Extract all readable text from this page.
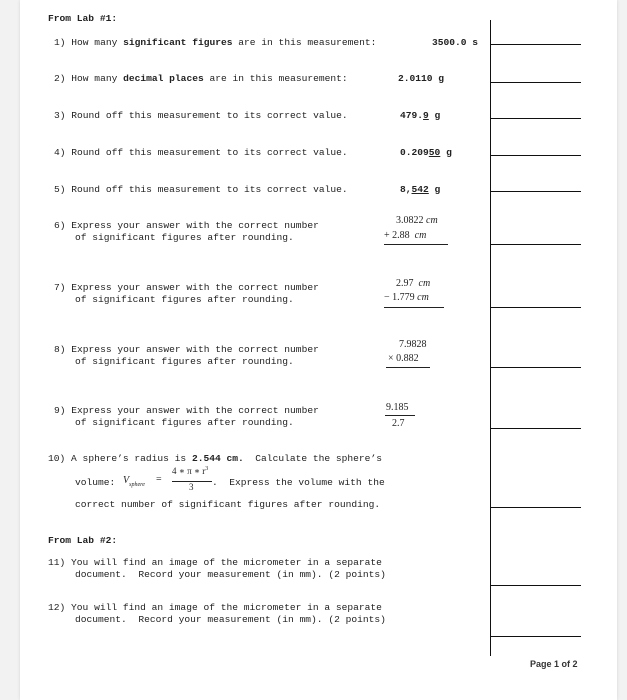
From Lab #1:
1) How many significant figures are in this measurement:	3500.0 s
2) How many decimal places are in this measurement:	2.0110 g
3) Round off this measurement to its correct value.	479.9 g
4) Round off this measurement to its correct value.	0.20950 g
5) Round off this measurement to its correct value.	8,542 g
6) Express your answer with the correct number
of significant figures after rounding.
3.0822 cm
+ 2.88 cm
7) Express your answer with the correct number
of significant figures after rounding.
2.97 cm
− 1.779 cm
8) Express your answer with the correct number
of significant figures after rounding.
7.9828
× 0.882
9) Express your answer with the correct number
of significant figures after rounding.
9.185
2.7
10) A sphere’s radius is 2.544 cm.  Calculate the sphere’s
volume: $V_{sphere}$ =
4 ∗ π ∗ $r^3$
3 .  Express the volume with the
correct number of significant figures after rounding.
From Lab #2:
11) You will find an image of the micrometer in a separate
document.  Record your measurement (in mm). (2 points)
12) You will find an image of the micrometer in a separate
document.  Record your measurement (in mm). (2 points)
Page 1 of 2
